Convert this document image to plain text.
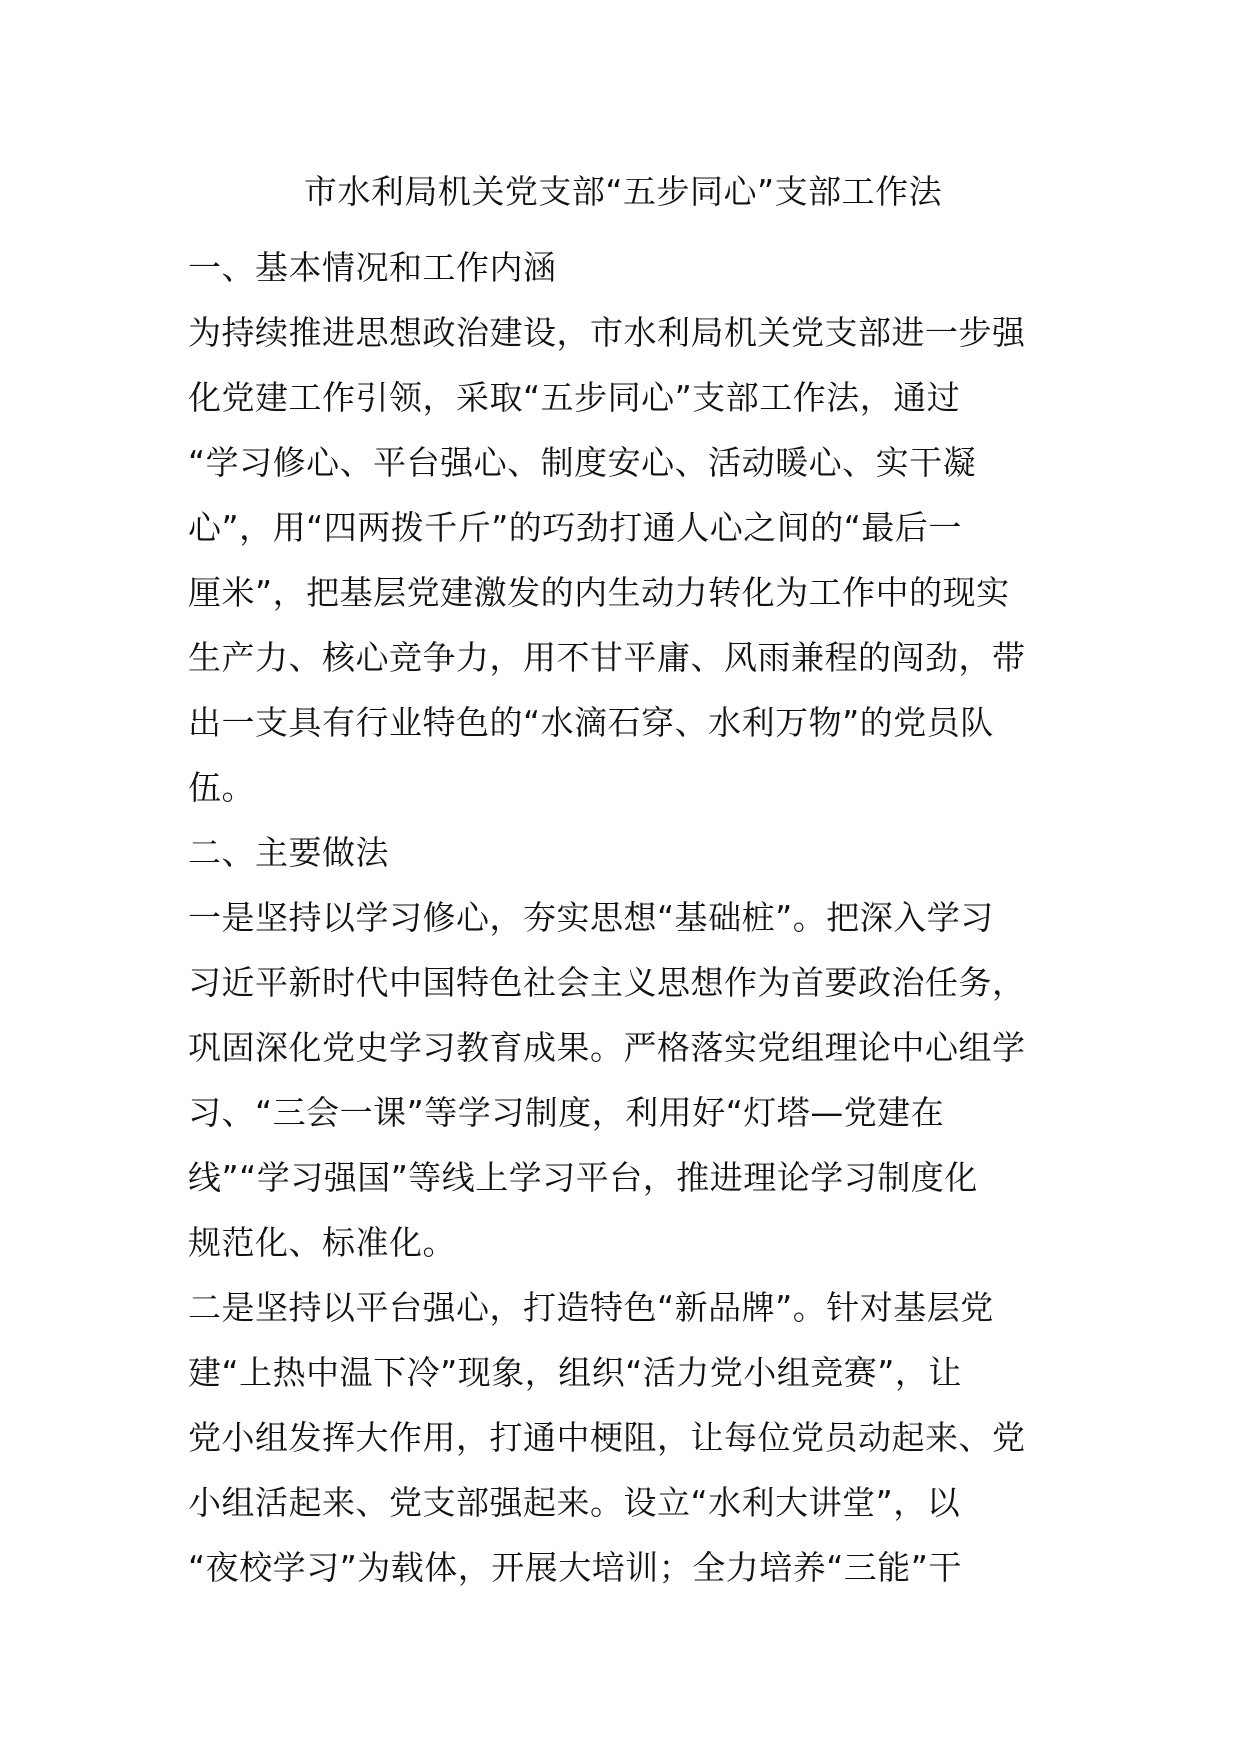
市水利局机关党支部“五步同心”支部工作法
一、基本情况和工作内涵
为持续推进思想政治建设，市水利局机关党支部进一步强
化党建工作引领，采取“五步同心”支部工作法，通过
“学习修心、平台强心、制度安心、活动暖心、实干凝
心”，用“四两拨千斤”的巧劲打通人心之间的“最后一
厘米”，把基层党建激发的内生动力转化为工作中的现实
生产力、核心竞争力，用不甘平庸、风雨兼程的闯劲，带
出一支具有行业特色的“水滴石穿、水利万物”的党员队
伍。
二、主要做法
一是坚持以学习修心，夯实思想“基础桩”。把深入学习
习近平新时代中国特色社会主义思想作为首要政治任务，
巩固深化党史学习教育成果。严格落实党组理论中心组学
习、“三会一课”等学习制度，利用好“灯塔—党建在
线”“学习强国”等线上学习平台，推进理论学习制度化
规范化、标准化。
二是坚持以平台强心，打造特色“新品牌”。针对基层党
建“上热中温下冷”现象，组织“活力党小组竞赛”，让
党小组发挥大作用，打通中梗阻，让每位党员动起来、党
小组活起来、党支部强起来。设立“水利大讲堂”，以
“夜校学习”为载体，开展大培训；全力培养“三能”干
